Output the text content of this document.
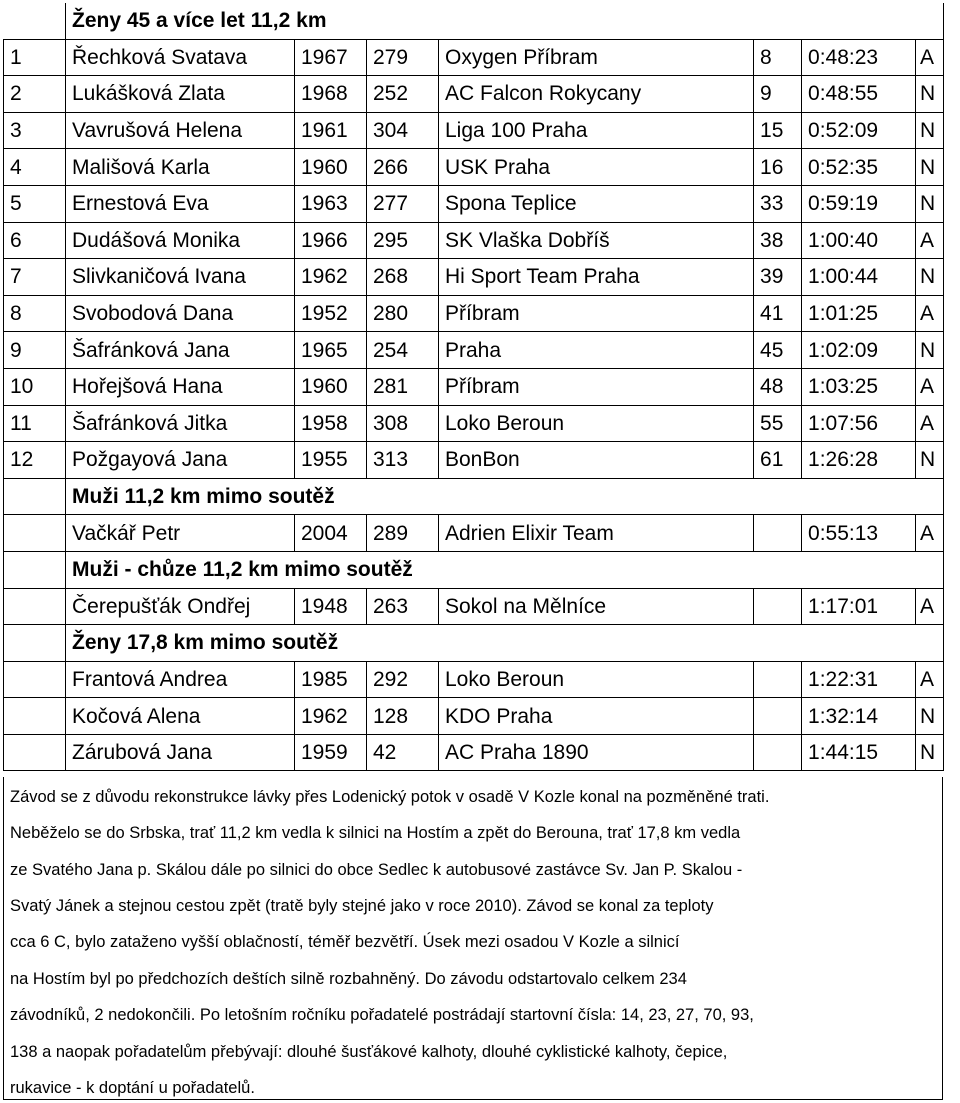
	Ženy 45 a více let 11,2 km						
1	Řechková Svatava	1967	279	Oxygen Příbram	8	0:48:23	A
2	Lukášková Zlata	1968	252	AC Falcon Rokycany	9	0:48:55	N
3	Vavrušová Helena	1961	304	Liga 100 Praha	15	0:52:09	N
4	Mališová Karla	1960	266	USK Praha	16	0:52:35	N
5	Ernestová Eva	1963	277	Spona Teplice	33	0:59:19	N
6	Dudášová Monika	1966	295	SK Vlaška Dobříš	38	1:00:40	A
7	Slivkaničová Ivana	1962	268	Hi Sport Team Praha	39	1:00:44	N
8	Svobodová Dana	1952	280	Příbram	41	1:01:25	A
9	Šafránková Jana	1965	254	Praha	45	1:02:09	N
10	Hořejšová Hana	1960	281	Příbram	48	1:03:25	A
11	Šafránková Jitka	1958	308	Loko Beroun	55	1:07:56	A
12	Požgayová Jana	1955	313	BonBon	61	1:26:28	N
	Muži 11,2 km mimo soutěž						
	Vačkář Petr	2004	289	Adrien Elixir Team		0:55:13	A
	Muži - chůze 11,2 km mimo soutěž						
	Čerepušťák Ondřej	1948	263	Sokol na Mělníce		1:17:01	A
	Ženy 17,8 km mimo soutěž						
	Frantová Andrea	1985	292	Loko Beroun		1:22:31	A
	Kočová Alena	1962	128	KDO Praha		1:32:14	N
	Zárubová Jana	1959	42	AC Praha 1890		1:44:15	N
Závod se z důvodu rekonstrukce lávky přes Lodenický potok v osadě V Kozle konal na pozměněné trati.
Neběželo se do Srbska, trať 11,2 km vedla k silnici na Hostím a zpět do Berouna, trať 17,8 km vedla
ze Svatého Jana p. Skálou dále po silnici do obce Sedlec k autobusové zastávce Sv. Jan P. Skalou -
Svatý Jánek a stejnou cestou zpět (tratě byly stejné jako v roce 2010). Závod se konal za teploty
cca 6 C, bylo zataženo vyšší oblačností, téměř bezvětří. Úsek mezi osadou V Kozle a silnicí
na Hostím byl po předchozích deštích silně rozbahněný. Do závodu odstartovalo celkem 234
závodníků, 2 nedokončili. Po letošním ročníku pořadatelé postrádají startovní čísla: 14, 23, 27, 70, 93,
138 a naopak pořadatelům přebývají: dlouhé šusťákové kalhoty, dlouhé cyklistické kalhoty, čepice,
rukavice - k doptání u pořadatelů.
